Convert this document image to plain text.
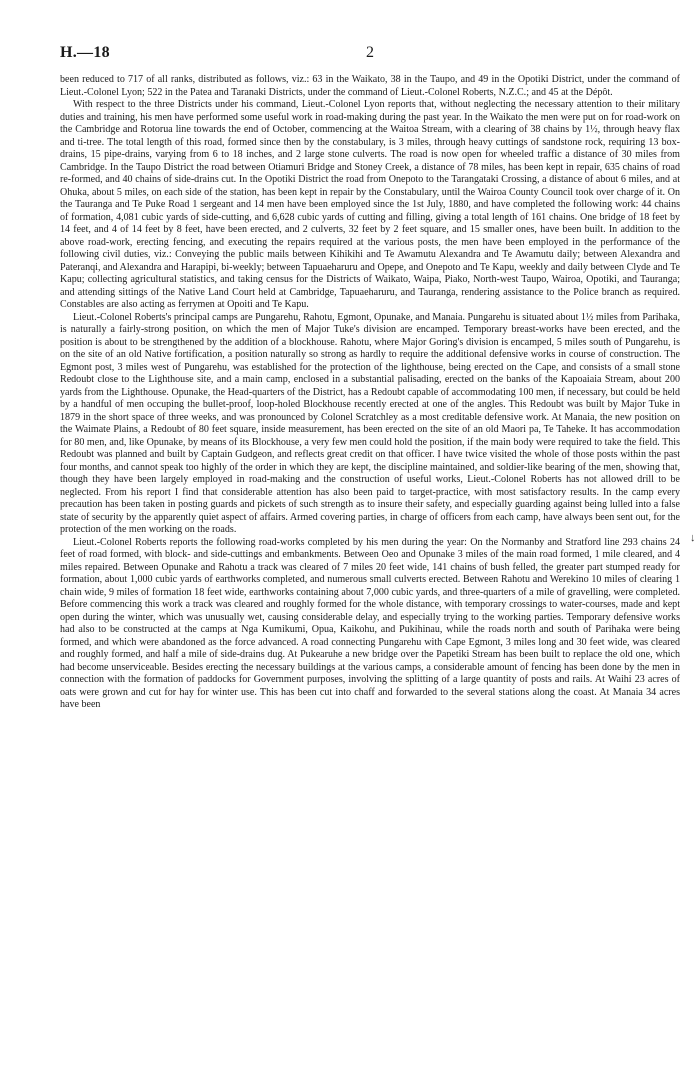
H.—18	2

been reduced to 717 of all ranks, distributed as follows, viz.: 63 in the Waikato, 38 in the Taupo, and 49 in the Opotiki District, under the command of Lieut.-Colonel Lyon; 522 in the Patea and Taranaki Districts, under the command of Lieut.-Colonel Roberts, N.Z.C.; and 45 at the Dépôt.

With respect to the three Districts under his command, Lieut.-Colonel Lyon reports that, without neglecting the necessary attention to their military duties and training, his men have performed some useful work in road-making during the past year. In the Waikato the men were put on for road-work on the Cambridge and Rotorua line towards the end of October, commencing at the Waitoa Stream, with a clearing of 38 chains by 1½, through heavy flax and ti-tree. The total length of this road, formed since then by the constabulary, is 3 miles, through heavy cuttings of sandstone rock, requiring 13 box-drains, 15 pipe-drains, varying from 6 to 18 inches, and 2 large stone culverts. The road is now open for wheeled traffic a distance of 30 miles from Cambridge. In the Taupo District the road between Otiamuri Bridge and Stoney Creek, a distance of 78 miles, has been kept in repair, 635 chains of road re-formed, and 40 chains of side-drains cut. In the Opotiki District the road from Onepoto to the Tarangataki Crossing, a distance of about 6 miles, and at Ohuka, about 5 miles, on each side of the station, has been kept in repair by the Constabulary, until the Wairoa County Council took over charge of it. On the Tauranga and Te Puke Road 1 sergeant and 14 men have been employed since the 1st July, 1880, and have completed the following work: 44 chains of formation, 4,081 cubic yards of side-cutting, and 6,628 cubic yards of cutting and filling, giving a total length of 161 chains. One bridge of 18 feet by 14 feet, and 4 of 14 feet by 8 feet, have been erected, and 2 culverts, 32 feet by 2 feet square, and 15 smaller ones, have been built. In addition to the above road-work, erecting fencing, and executing the repairs required at the various posts, the men have been employed in the performance of the following civil duties, viz.: Conveying the public mails between Kihikihi and Te Awamutu Alexandra and Te Awamutu daily; between Alexandra and Pateranqi, and Alexandra and Harapipi, bi-weekly; between Tapuaeharuru and Opepe, and Onepoto and Te Kapu, weekly and daily between Clyde and Te Kapu; collecting agricultural statistics, and taking census for the Districts of Waikato, Waipa, Piako, North-west Taupo, Wairoa, Opotiki, and Tauranga; and attending sittings of the Native Land Court held at Cambridge, Tapuaeharuru, and Tauranga, rendering assistance to the Police branch as required. Constables are also acting as ferrymen at Opoiti and Te Kapu.

Lieut.-Colonel Roberts's principal camps are Pungarehu, Rahotu, Egmont, Opunake, and Manaia. Pungarehu is situated about 1½ miles from Parihaka, is naturally a fairly-strong position, on which the men of Major Tuke's division are encamped. Temporary breast-works have been erected, and the position is about to be strengthened by the addition of a blockhouse. Rahotu, where Major Goring's division is encamped, 5 miles south of Pungarehu, is on the site of an old Native fortification, a position naturally so strong as hardly to require the additional defensive works in course of construction. The Egmont post, 3 miles west of Pungarehu, was established for the protection of the lighthouse, being erected on the Cape, and consists of a small stone Redoubt close to the Lighthouse site, and a main camp, enclosed in a substantial palisading, erected on the banks of the Kapoaiaia Stream, about 200 yards from the Lighthouse. Opunake, the Head-quarters of the District, has a Redoubt capable of accommodating 100 men, if necessary, but could be held by a handful of men occuping the bullet-proof, loop-holed Blockhouse recently erected at one of the angles. This Redoubt was built by Major Tuke in 1879 in the short space of three weeks, and was pronounced by Colonel Scratchley as a most creditable defensive work. At Manaia, the new position on the Waimate Plains, a Redoubt of 80 feet square, inside measurement, has been erected on the site of an old Maori pa, Te Taheke. It has accommodation for 80 men, and, like Opunake, by means of its Blockhouse, a very few men could hold the position, if the main body were required to take the field. This Redoubt was planned and built by Captain Gudgeon, and reflects great credit on that officer. I have twice visited the whole of those posts within the past four months, and cannot speak too highly of the order in which they are kept, the discipline maintained, and soldier-like bearing of the men, showing that, though they have been largely employed in road-making and the construction of useful works, Lieut.-Colonel Roberts has not allowed drill to be neglected. From his report I find that considerable attention has also been paid to target-practice, with most satisfactory results. In the camp every precaution has been taken in posting guards and pickets of such strength as to insure their safety, and especially guarding against being lulled into a false state of security by the apparently quiet aspect of affairs. Armed covering parties, in charge of officers from each camp, have always been sent out, for the protection of the men working on the roads.

Lieut.-Colonel Roberts reports the following road-works completed by his men during the year: On the Normanby and Stratford line 293 chains 24 feet of road formed, with block- and side-cuttings and embankments. Between Oeo and Opunake 3 miles of the main road formed, 1 mile cleared, and 4 miles repaired. Between Opunake and Rahotu a track was cleared of 7 miles 20 feet wide, 141 chains of bush felled, the greater part stumped ready for formation, about 1,000 cubic yards of earthworks completed, and numerous small culverts erected. Between Rahotu and Werekino 10 miles of clearing 1 chain wide, 9 miles of formation 18 feet wide, earthworks containing about 7,000 cubic yards, and three-quarters of a mile of gravelling, were completed. Before commencing this work a track was cleared and roughly formed for the whole distance, with temporary crossings to water-courses, made and kept open during the winter, which was unusually wet, causing considerable delay, and especially trying to the working parties. Temporary defensive works had also to be constructed at the camps at Nga Kumikumi, Opua, Kaikohu, and Pukihinau, while the roads north and south of Parihaka were being formed, and which were abandoned as the force advanced. A road connecting Pungarehu with Cape Egmont, 3 miles long and 30 feet wide, was cleared and roughly formed, and half a mile of side-drains dug. At Pukearuhe a new bridge over the Papetiki Stream has been built to replace the old one, which had become unserviceable. Besides erecting the necessary buildings at the various camps, a considerable amount of fencing has been done by the men in connection with the formation of paddocks for Government purposes, involving the splitting of a large quantity of posts and rails. At Waihi 23 acres of oats were grown and cut for hay for winter use. This has been cut into chaff and forwarded to the several stations along the coast. At Manaia 34 acres have been

↓
